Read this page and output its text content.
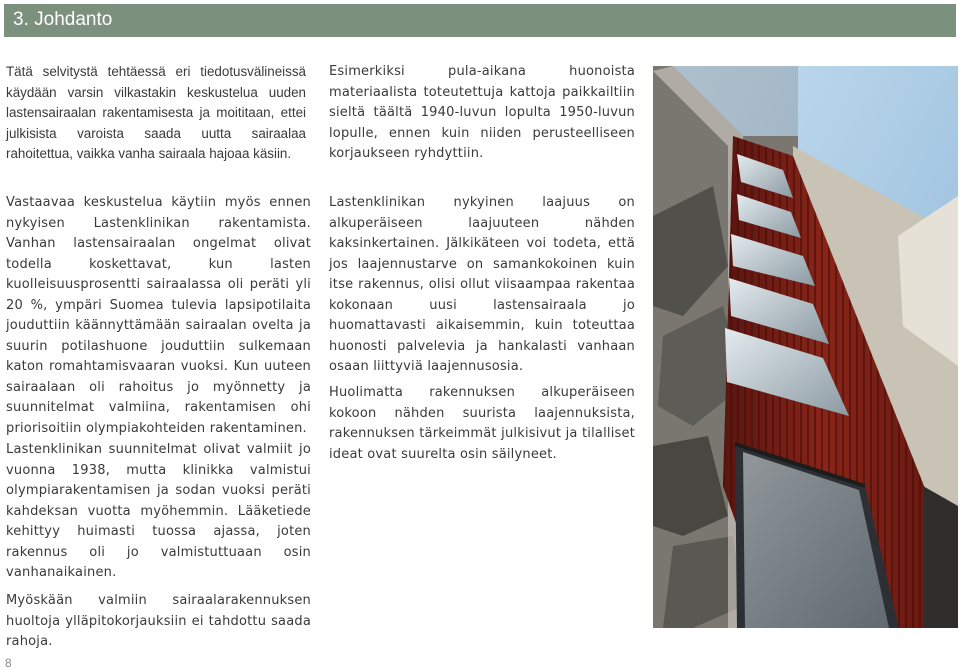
3. Johdanto

Tätä selvitystä tehtäessä eri tiedotusvälineissä käydään varsin vilkastakin keskustelua uuden lastensairaalan rakentamisesta ja moititaan, ettei julkisista varoista saada uutta sairaalaa rahoitettua, vaikka vanha sairaala hajoaa käsiin.

Esimerkiksi pula-aikana huonoista materiaalista toteutettuja kattoja paikkailtiin sieltä täältä 1940-luvun lopulta 1950-luvun lopulle, ennen kuin niiden perusteelliseen korjaukseen ryhdyttiin.

Vastaavaa keskustelua käytiin myös ennen nykyisen Lastenklinikan rakentamista. Vanhan lastensairaalan ongelmat olivat todella koskettavat, kun lasten kuolleisuusprosentti sairaalassa oli peräti yli 20 %, ympäri Suomea tulevia lapsipotilaita jouduttiin käännyttämään sairaalan ovelta ja suurin potilashuone jouduttiin sulkemaan katon romahtamisvaaran vuoksi. Kun uuteen sairaalaan oli rahoitus jo myönnetty ja suunnitelmat valmiina, rakentamisen ohi priorisoitiin olympiakohteiden rakentaminen.

Lastenklinikan suunnitelmat olivat valmiit jo vuonna 1938, mutta klinikka valmistui olympiarakentamisen ja sodan vuoksi peräti kahdeksan vuotta myöhemmin. Lääketiede kehittyy huimasti tuossa ajassa, joten rakennus oli jo valmistuttuaan osin vanhanaikainen.

Myöskään valmiin sairaalarakennuksen huoltoja ylläpitokorjauksiin ei tahdottu saada rahoja.

Lastenklinikan nykyinen laajuus on alkuperäiseen laajuuteen nähden kaksinkertainen. Jälkikäteen voi todeta, että jos laajennustarve on samankokoinen kuin itse rakennus, olisi ollut viisaampaa rakentaa kokonaan uusi lastensairaala jo huomattavasti aikaisemmin, kuin toteuttaa huonosti palvelevia ja hankalasti vanhaan osaan liittyviä laajennusosia.

Huolimatta rakennuksen alkuperäiseen kokoon nähden suurista laajennuksista, rakennuksen tärkeimmät julkisivut ja tilalliset ideat ovat suurelta osin säilyneet.

8
